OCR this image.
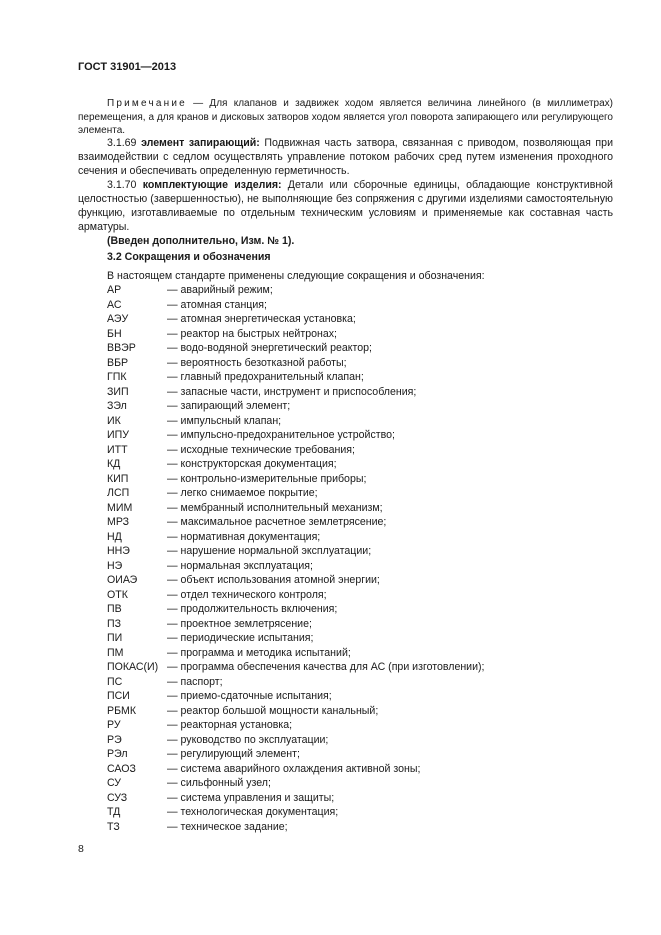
ГОСТ 31901—2013

Примечание — Для клапанов и задвижек ходом является величина линейного (в миллиметрах) перемещения, а для кранов и дисковых затворов ходом является угол поворота запирающего или регулирующего элемента.

3.1.69 элемент запирающий: Подвижная часть затвора, связанная с приводом, позволяющая при взаимодействии с седлом осуществлять управление потоком рабочих сред путем изменения проходного сечения и обеспечивать определенную герметичность.

3.1.70 комплектующие изделия: Детали или сборочные единицы, обладающие конструктивной целостностью (завершенностью), не выполняющие без сопряжения с другими изделиями самостоятельную функцию, изготавливаемые по отдельным техническим условиям и применяемые как составная часть арматуры.

(Введен дополнительно, Изм. № 1).

3.2 Сокращения и обозначения

В настоящем стандарте применены следующие сокращения и обозначения:

АР	— аварийный режим;
АС	— атомная станция;
АЭУ	— атомная энергетическая установка;
БН	— реактор на быстрых нейтронах;
ВВЭР	— водо-водяной энергетический реактор;
ВБР	— вероятность безотказной работы;
ГПК	— главный предохранительный клапан;
ЗИП	— запасные части, инструмент и приспособления;
ЗЭл	— запирающий элемент;
ИК	— импульсный клапан;
ИПУ	— импульсно-предохранительное устройство;
ИТТ	— исходные технические требования;
КД	— конструкторская документация;
КИП	— контрольно-измерительные приборы;
ЛСП	— легко снимаемое покрытие;
МИМ	— мембранный исполнительный механизм;
МРЗ	— максимальное расчетное землетрясение;
НД	— нормативная документация;
ННЭ	— нарушение нормальной эксплуатации;
НЭ	— нормальная эксплуатация;
ОИАЭ	— объект использования атомной энергии;
ОТК	— отдел технического контроля;
ПВ	— продолжительность включения;
ПЗ	— проектное землетрясение;
ПИ	— периодические испытания;
ПМ	— программа и методика испытаний;
ПОКАС(И) — программа обеспечения качества для АС (при изготовлении);
ПС	— паспорт;
ПСИ	— приемо-сдаточные испытания;
РБМК	— реактор большой мощности канальный;
РУ	— реакторная установка;
РЭ	— руководство по эксплуатации;
РЭл	— регулирующий элемент;
САОЗ	— система аварийного охлаждения активной зоны;
СУ	— сильфонный узел;
СУЗ	— система управления и защиты;
ТД	— технологическая документация;
ТЗ	— техническое задание;
8
